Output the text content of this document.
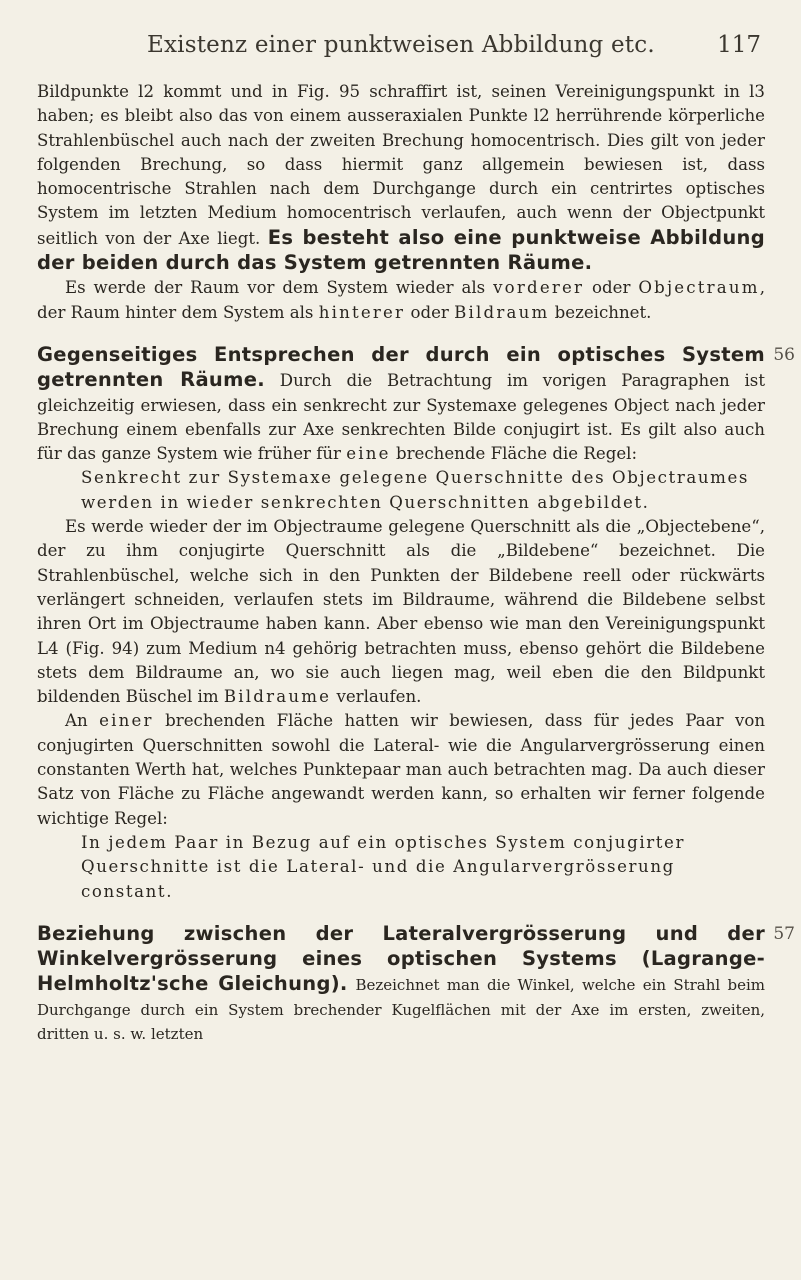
Existenz einer punktweisen Abbildung etc.	117

Bildpunkte l2 kommt und in Fig. 95 schraffirt ist, seinen Vereinigungspunkt in l3 haben; es bleibt also das von einem ausseraxialen Punkte l2 herrührende körperliche Strahlenbüschel auch nach der zweiten Brechung homocentrisch. Dies gilt von jeder folgenden Brechung, so dass hiermit ganz allgemein bewiesen ist, dass homocentrische Strahlen nach dem Durchgange durch ein centrirtes optisches System im letzten Medium homocentrisch verlaufen, auch wenn der Objectpunkt seitlich von der Axe liegt. Es besteht also eine punktweise Abbildung der beiden durch das System getrennten Räume.

Es werde der Raum vor dem System wieder als vorderer oder Objectraum, der Raum hinter dem System als hinterer oder Bildraum bezeichnet.

56

Gegenseitiges Entsprechen der durch ein optisches System getrennten Räume. Durch die Betrachtung im vorigen Paragraphen ist gleichzeitig erwiesen, dass ein senkrecht zur Systemaxe gelegenes Object nach jeder Brechung einem ebenfalls zur Axe senkrechten Bilde conjugirt ist. Es gilt also auch für das ganze System wie früher für eine brechende Fläche die Regel:

Senkrecht zur Systemaxe gelegene Querschnitte des Objectraumes werden in wieder senkrechten Querschnitten abgebildet.

Es werde wieder der im Objectraume gelegene Querschnitt als die „Objectebene“, der zu ihm conjugirte Querschnitt als die „Bildebene“ bezeichnet. Die Strahlenbüschel, welche sich in den Punkten der Bildebene reell oder rückwärts verlängert schneiden, verlaufen stets im Bildraume, während die Bildebene selbst ihren Ort im Objectraume haben kann. Aber ebenso wie man den Vereinigungspunkt L4 (Fig. 94) zum Medium n4 gehörig betrachten muss, ebenso gehört die Bildebene stets dem Bildraume an, wo sie auch liegen mag, weil eben die den Bildpunkt bildenden Büschel im Bildraume verlaufen.

An einer brechenden Fläche hatten wir bewiesen, dass für jedes Paar von conjugirten Querschnitten sowohl die Lateral- wie die Angularvergrösserung einen constanten Werth hat, welches Punktepaar man auch betrachten mag. Da auch dieser Satz von Fläche zu Fläche angewandt werden kann, so erhalten wir ferner folgende wichtige Regel:

In jedem Paar in Bezug auf ein optisches System conjugirter Querschnitte ist die Lateral- und die Angularvergrösserung constant.

57

Beziehung zwischen der Lateralvergrösserung und der Winkelvergrösserung eines optischen Systems (Lagrange-Helmholtz'sche Gleichung). Bezeichnet man die Winkel, welche ein Strahl beim Durchgange durch ein System brechender Kugelflächen mit der Axe im ersten, zweiten, dritten u. s. w. letzten
